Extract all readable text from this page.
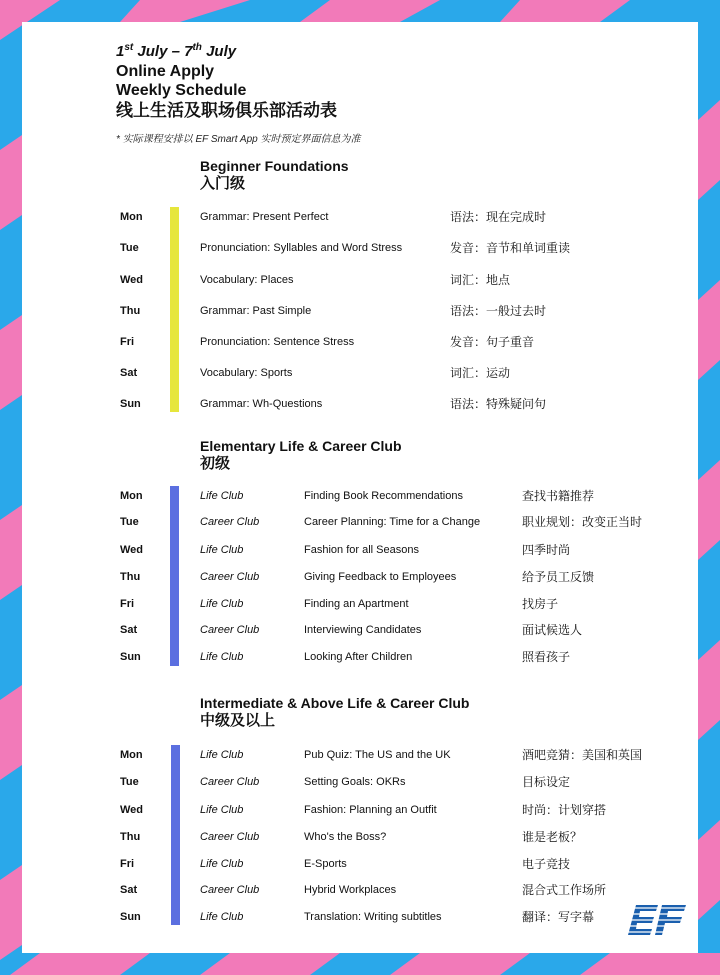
1st July – 7th July
Online Apply
Weekly Schedule
线上生活及职场俱乐部活动表
* 实际课程安排以 EF Smart App 实时预定界面信息为准
Beginner Foundations
入门级
Mon	Grammar: Present Perfect	语法：现在完成时
Tue	Pronunciation: Syllables and Word Stress	发音：音节和单词重读
Wed	Vocabulary: Places	词汇：地点
Thu	Grammar: Past Simple	语法：一般过去时
Fri	Pronunciation: Sentence Stress	发音：句子重音
Sat	Vocabulary: Sports	词汇：运动
Sun	Grammar: Wh-Questions	语法：特殊疑问句
Elementary Life & Career Club
初级
Mon	Life Club	Finding Book Recommendations	查找书籍推荐
Tue	Career Club	Career Planning: Time for a Change	职业规划：改变正当时
Wed	Life Club	Fashion for all Seasons	四季时尚
Thu	Career Club	Giving Feedback to Employees	给予员工反馈
Fri	Life Club	Finding an Apartment	找房子
Sat	Career Club	Interviewing Candidates	面试候选人
Sun	Life Club	Looking After Children	照看孩子
Intermediate & Above Life & Career Club
中级及以上
Mon	Life Club	Pub Quiz: The US and the UK	酒吧竞猜：美国和英国
Tue	Career Club	Setting Goals: OKRs	目标设定
Wed	Life Club	Fashion: Planning an Outfit	时尚：计划穿搭
Thu	Career Club	Who's the Boss?	谁是老板？
Fri	Life Club	E-Sports	电子竞技
Sat	Career Club	Hybrid Workplaces	混合式工作场所
Sun	Life Club	Translation: Writing subtitles	翻译：写字幕
